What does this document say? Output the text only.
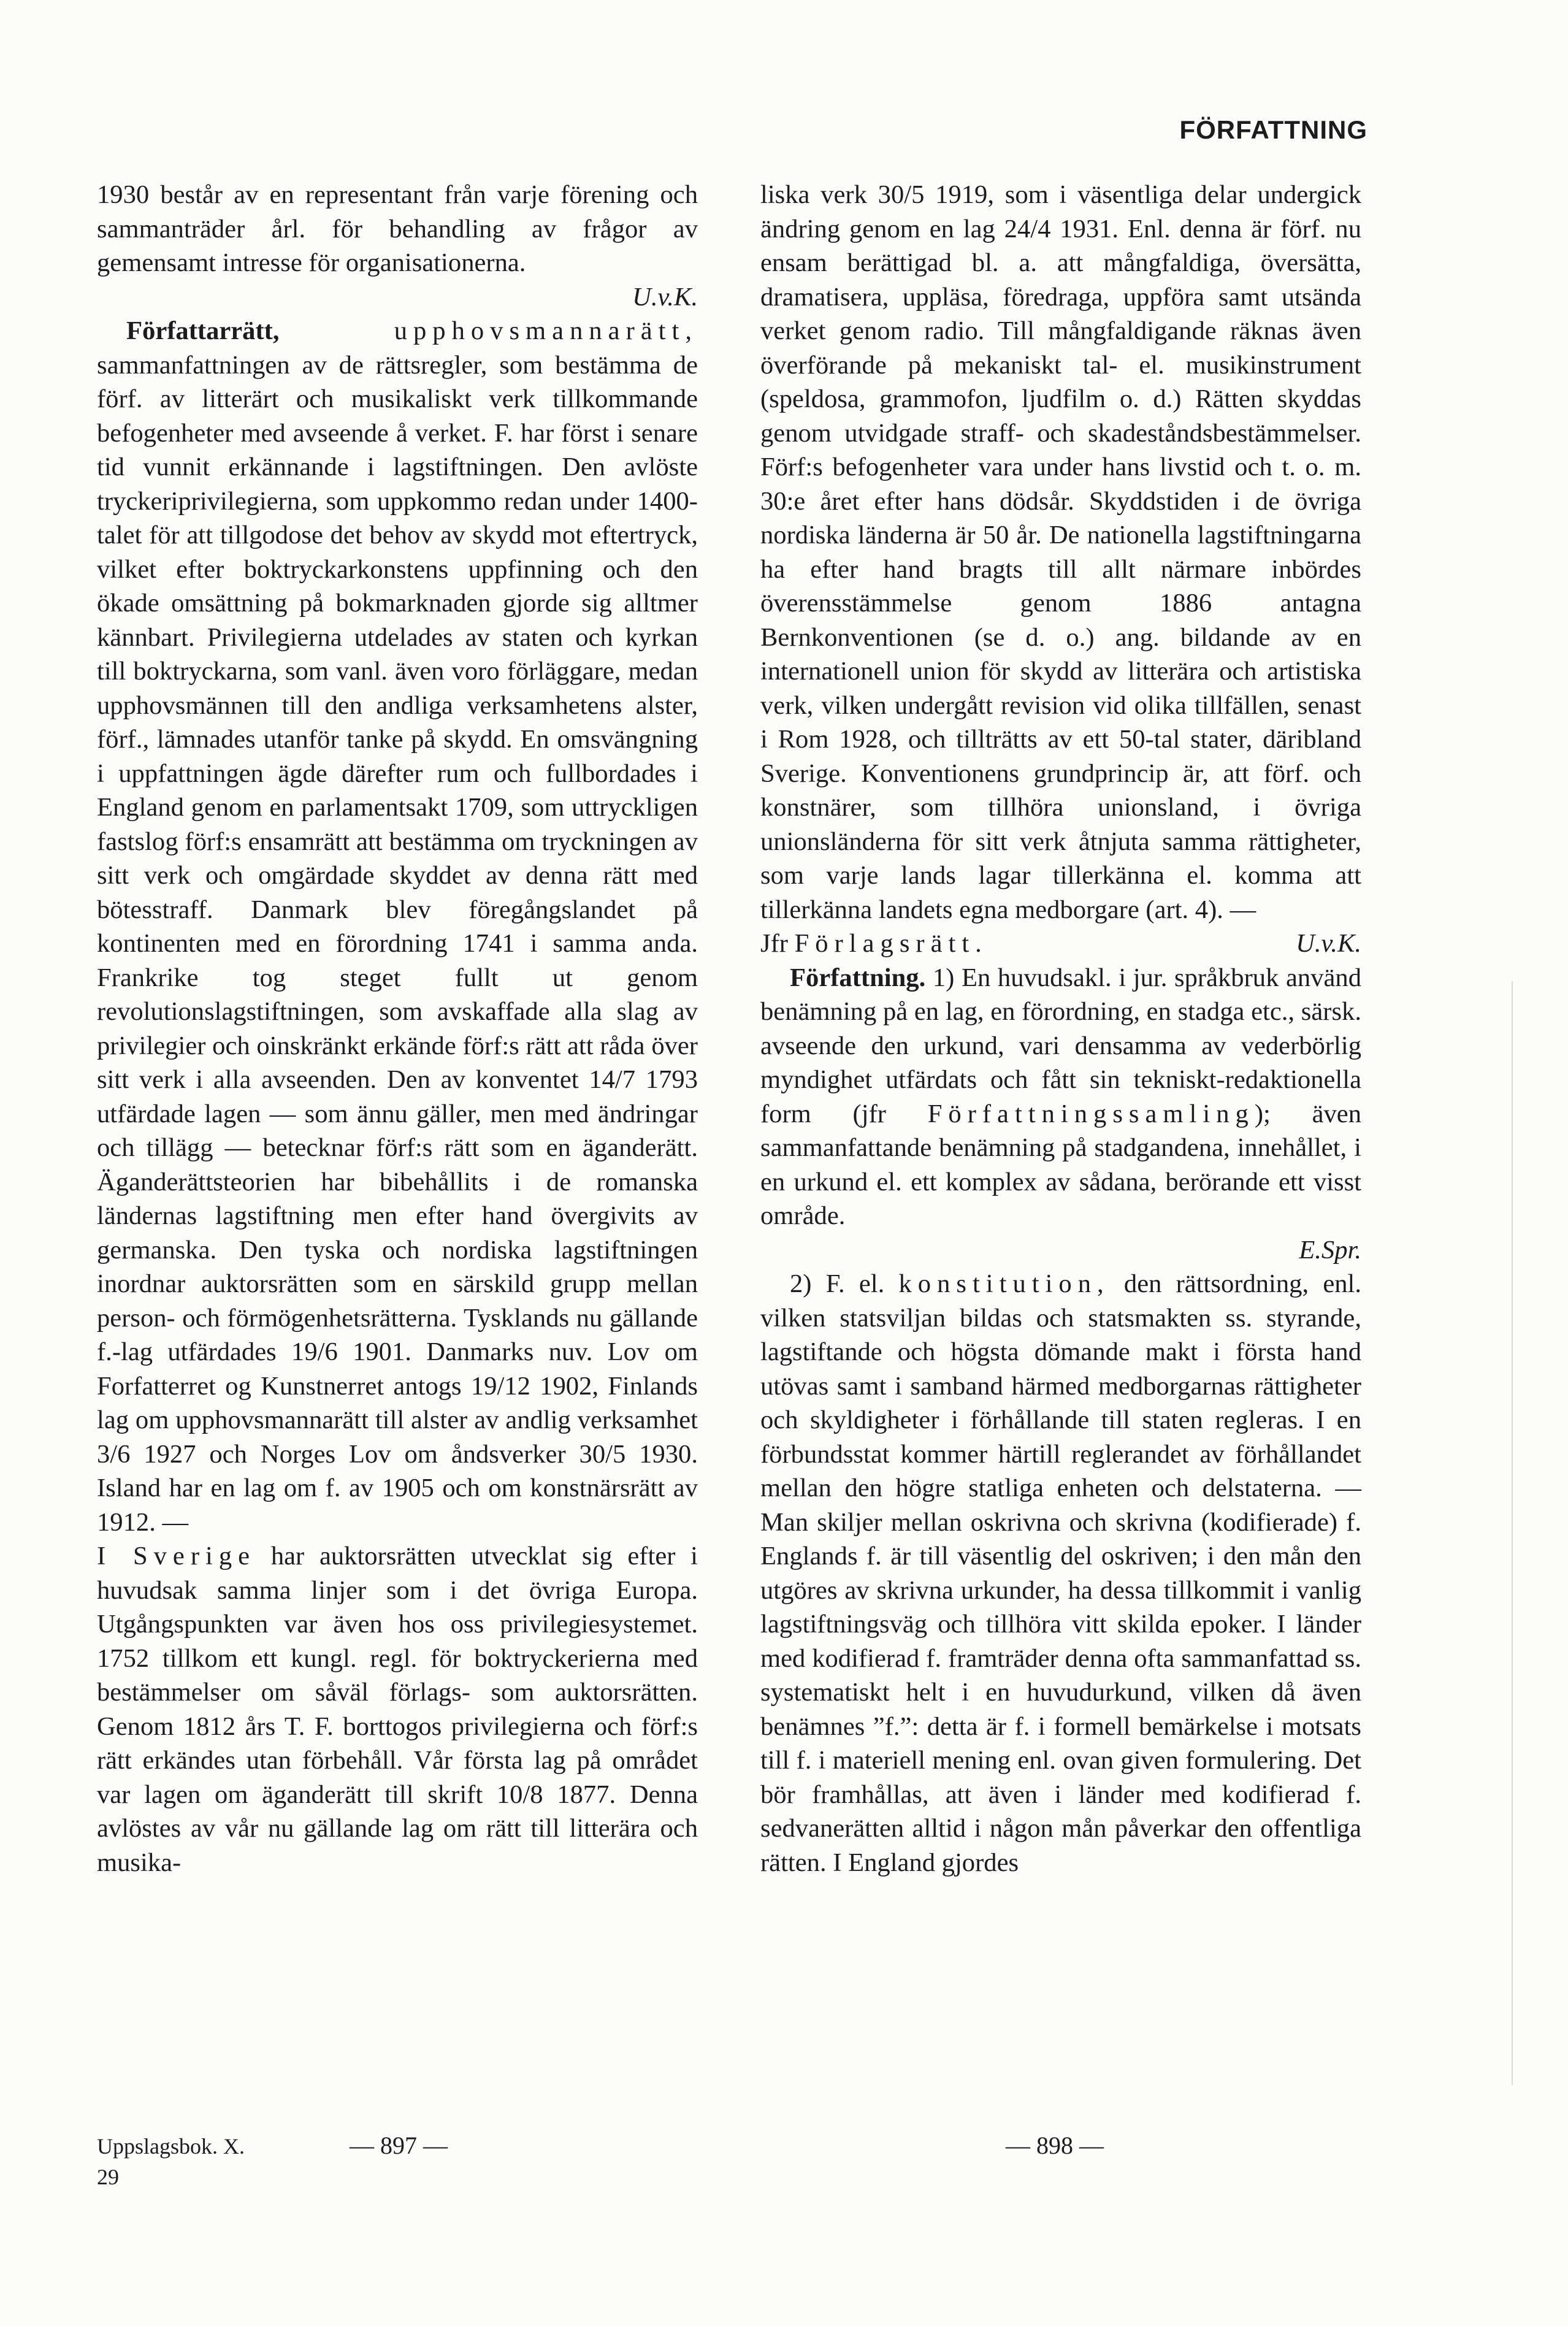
FÖRFATTNING

1930 består av en representant från varje förening och sammanträder årl. för behandling av frågor av gemensamt intresse för organisationerna.
U.v.K.

Författarrätt,	upphovsmannarätt, sammanfattningen av de rättsregler, som bestämma de förf. av litterärt och musikaliskt verk tillkommande befogenheter med avseende å verket. F. har först i senare tid vunnit erkännande i lagstiftningen. Den avlöste tryckeriprivilegierna, som uppkommo redan under 1400-talet för att tillgodose det behov av skydd mot eftertryck, vilket efter boktryckarkonstens uppfinning och den ökade omsättning på bokmarknaden gjorde sig alltmer kännbart. Privilegierna utdelades av staten och kyrkan till boktryckarna, som vanl. även voro förläggare, medan upphovsmännen till den andliga verksamhetens alster, förf., lämnades utanför tanke på skydd. En omsvängning i uppfattningen ägde därefter rum och fullbordades i England genom en parlamentsakt 1709, som uttryckligen fastslog förf:s ensamrätt att bestämma om tryckningen av sitt verk och omgärdade skyddet av denna rätt med bötesstraff. Danmark blev föregångslandet på kontinenten med en förordning 1741 i samma anda. Frankrike tog steget fullt ut genom revolutionslagstiftningen, som avskaffade alla slag av privilegier och oinskränkt erkände förf:s rätt att råda över sitt verk i alla avseenden. Den av konventet 14/7 1793 utfärdade lagen — som ännu gäller, men med ändringar och tillägg — betecknar förf:s rätt som en äganderätt. Äganderättsteorien har bibehållits i de romanska ländernas lagstiftning men efter hand övergivits av germanska. Den tyska och nordiska lagstiftningen inordnar auktorsrätten som en särskild grupp mellan person- och förmögenhetsrätterna. Tysklands nu gällande f.-lag utfärdades 19/6 1901. Danmarks nuv. Lov om Forfatterret og Kunstnerret antogs 19/12 1902, Finlands lag om upphovsmannarätt till alster av andlig verksamhet 3/6 1927 och Norges Lov om åndsverker 30/5 1930. Island har en lag om f. av 1905 och om konstnärsrätt av 1912. —

I Sverige har auktorsrätten utvecklat sig efter i huvudsak samma linjer som i det övriga Europa. Utgångspunkten var även hos oss privilegiesystemet. 1752 tillkom ett kungl. regl. för boktryckerierna med bestämmelser om såväl förlags- som auktorsrätten. Genom 1812 års T. F. borttogos privilegierna och förf:s rätt erkändes utan förbehåll. Vår första lag på området var lagen om äganderätt till skrift 10/8 1877. Denna avlöstes av vår nu gällande lag om rätt till litterära och musika-

liska verk 30/5 1919, som i väsentliga delar undergick ändring genom en lag 24/4 1931. Enl. denna är förf. nu ensam berättigad bl. a. att mångfaldiga, översätta, dramatisera, uppläsa, föredraga, uppföra samt utsända verket genom radio. Till mångfaldigande räknas även överförande på mekaniskt tal- el. musikinstrument (speldosa, grammofon, ljudfilm o. d.) Rätten skyddas genom utvidgade straff- och skadeståndsbestämmelser. Förf:s befogenheter vara under hans livstid och t. o. m. 30:e året efter hans dödsår. Skyddstiden i de övriga nordiska länderna är 50 år. De nationella lagstiftningarna ha efter hand bragts till allt närmare inbördes överensstämmelse genom 1886 antagna Bernkonventionen (se d. o.) ang. bildande av en internationell union för skydd av litterära och artistiska verk, vilken undergått revision vid olika tillfällen, senast i Rom 1928, och tillträtts av ett 50-tal stater, däribland Sverige. Konventionens grundprincip är, att förf. och konstnärer, som tillhöra unionsland, i övriga unionsländerna för sitt verk åtnjuta samma rättigheter, som varje lands lagar tillerkänna el. komma att tillerkänna landets egna medborgare (art. 4). —
Jfr Förlagsrätt.	U.v.K.

Författning. 1) En huvudsakl. i jur. språkbruk använd benämning på en lag, en förordning, en stadga etc., särsk. avseende den urkund, vari densamma av vederbörlig myndighet utfärdats och fått sin tekniskt-redaktionella form (jfr Författningssamling); även sammanfattande benämning på stadgandena, innehållet, i en urkund el. ett komplex av sådana, berörande ett visst område.
E.Spr.

2) F. el. konstitution, den rättsordning, enl. vilken statsviljan bildas och statsmakten ss. styrande, lagstiftande och högsta dömande makt i första hand utövas samt i samband härmed medborgarnas rättigheter och skyldigheter i förhållande till staten regleras. I en förbundsstat kommer härtill reglerandet av förhållandet mellan den högre statliga enheten och delstaterna. — Man skiljer mellan oskrivna och skrivna (kodifierade) f. Englands f. är till väsentlig del oskriven; i den mån den utgöres av skrivna urkunder, ha dessa tillkommit i vanlig lagstiftningsväg och tillhöra vitt skilda epoker. I länder med kodifierad f. framträder denna ofta sammanfattad ss. systematiskt helt i en huvudurkund, vilken då även benämnes ”f.”: detta är f. i formell bemärkelse i motsats till f. i materiell mening enl. ovan given formulering. Det bör framhållas, att även i länder med kodifierad f. sedvanerätten alltid i någon mån påverkar den offentliga rätten. I England gjordes

Uppslagsbok. X.
29
— 897 —	— 898 —
